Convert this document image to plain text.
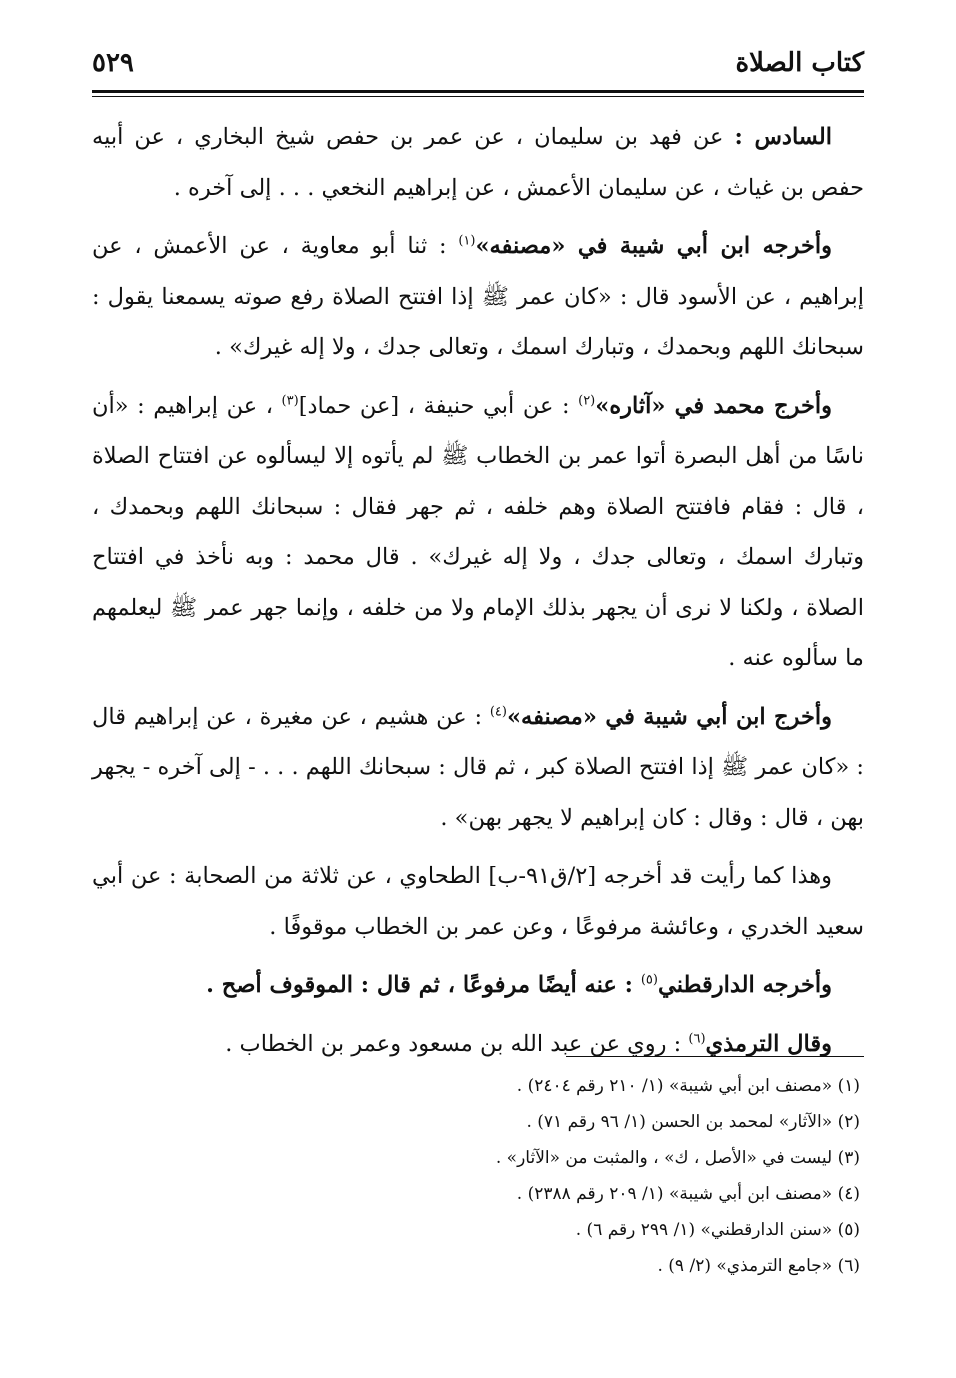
كتاب الصلاة
٥٢٩

السادس : عن فهد بن سليمان ، عن عمر بن حفص شيخ البخاري ، عن أبيه حفص بن غياث ، عن سليمان الأعمش ، عن إبراهيم النخعي . . . إلى آخره .

وأخرجه ابن أبي شيبة في «مصنفه»$^{(١)}$ : ثنا أبو معاوية ، عن الأعمش ، عن إبراهيم ، عن الأسود قال : «كان عمر ﷺ إذا افتتح الصلاة رفع صوته يسمعنا يقول : سبحانك اللهم وبحمدك ، وتبارك اسمك ، وتعالى جدك ، ولا إله غيرك» .

وأخرج محمد في «آثاره»$^{(٢)}$ : عن أبي حنيفة ، [عن حماد]$^{(٣)}$ ، عن إبراهيم : «أن ناسًا من أهل البصرة أتوا عمر بن الخطاب ﷺ لم يأتوه إلا ليسألوه عن افتتاح الصلاة ، قال : فقام فافتتح الصلاة وهم خلفه ، ثم جهر فقال : سبحانك اللهم وبحمدك ، وتبارك اسمك ، وتعالى جدك ، ولا إله غيرك» . قال محمد : وبه نأخذ في افتتاح الصلاة ، ولكنا لا نرى أن يجهر بذلك الإمام ولا من خلفه ، وإنما جهر عمر ﷺ ليعلمهم ما سألوه عنه .

وأخرج ابن أبي شيبة في «مصنفه»$^{(٤)}$ : عن هشيم ، عن مغيرة ، عن إبراهيم قال : «كان عمر ﷺ إذا افتتح الصلاة كبر ، ثم قال : سبحانك اللهم . . . - إلى آخره - يجهر بهن ، قال : وقال : كان إبراهيم لا يجهر بهن» .

وهذا كما رأيت قد أخرجه [٢/ق٩١-ب] الطحاوي ، عن ثلاثة من الصحابة : عن أبي سعيد الخدري ، وعائشة مرفوعًا ، وعن عمر بن الخطاب موقوفًا .

وأخرجه الدارقطني$^{(٥)}$ : عنه أيضًا مرفوعًا ، ثم قال : الموقوف أصح .

وقال الترمذي$^{(٦)}$ : روي عن عبد الله بن مسعود وعمر بن الخطاب .

(١) «مصنف ابن أبي شيبة» (١/ ٢١٠ رقم ٢٤٠٤) .

(٢) «الآثار» لمحمد بن الحسن (١/ ٩٦ رقم ٧١) .

(٣) ليست في «الأصل ، ك» ، والمثبت من «الآثار» .

(٤) «مصنف ابن أبي شيبة» (١/ ٢٠٩ رقم ٢٣٨٨) .

(٥) «سنن الدارقطني» (١/ ٢٩٩ رقم ٦) .

(٦) «جامع الترمذي» (٢/ ٩) .
